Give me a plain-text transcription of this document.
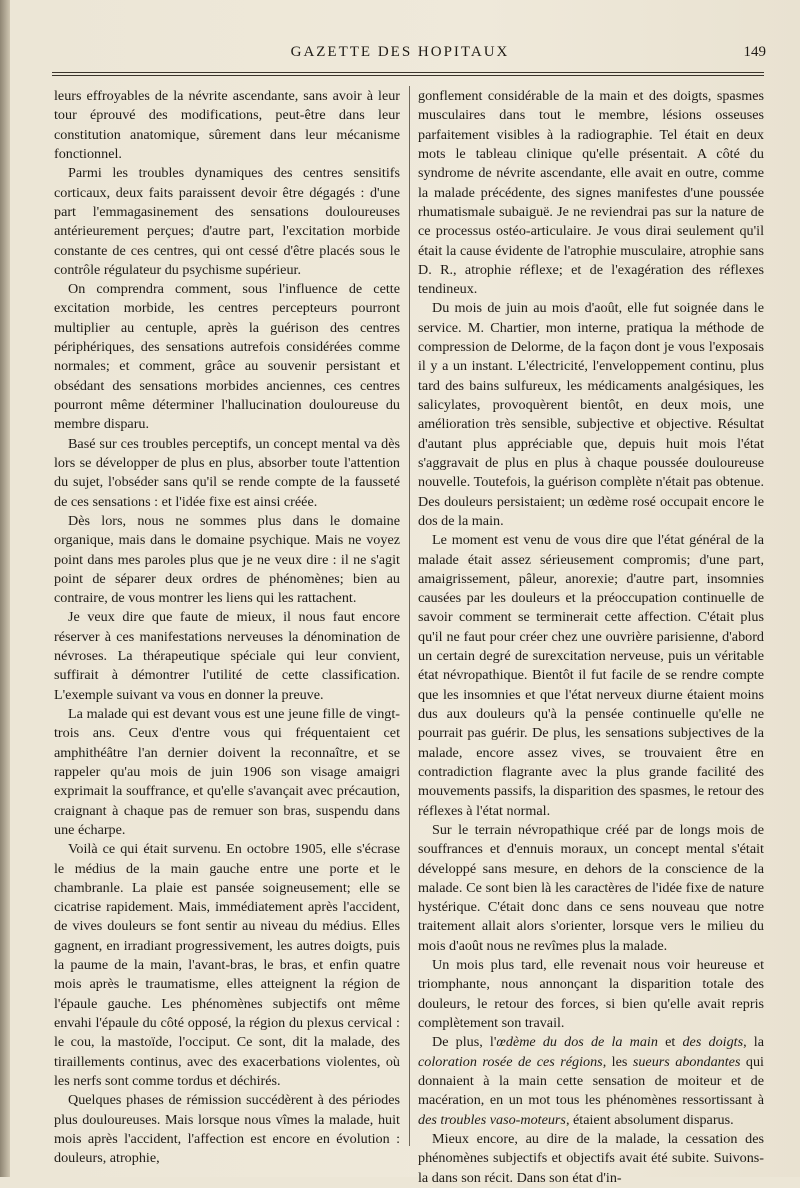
GAZETTE DES HOPITAUX	149

leurs effroyables de la névrite ascendante, sans avoir à leur tour éprouvé des modifications, peut-être dans leur constitution anatomique, sûrement dans leur mécanisme fonctionnel.

Parmi les troubles dynamiques des centres sensitifs corticaux, deux faits paraissent devoir être dégagés : d'une part l'emmagasinement des sensations douloureuses antérieurement perçues; d'autre part, l'excitation morbide constante de ces centres, qui ont cessé d'être placés sous le contrôle régulateur du psychisme supérieur.

On comprendra comment, sous l'influence de cette excitation morbide, les centres percepteurs pourront multiplier au centuple, après la guérison des centres périphériques, des sensations autrefois considérées comme normales; et comment, grâce au souvenir persistant et obsédant des sensations morbides anciennes, ces centres pourront même déterminer l'hallucination douloureuse du membre disparu.

Basé sur ces troubles perceptifs, un concept mental va dès lors se développer de plus en plus, absorber toute l'attention du sujet, l'obséder sans qu'il se rende compte de la fausseté de ces sensations : et l'idée fixe est ainsi créée.

Dès lors, nous ne sommes plus dans le domaine organique, mais dans le domaine psychique. Mais ne voyez point dans mes paroles plus que je ne veux dire : il ne s'agit point de séparer deux ordres de phénomènes; bien au contraire, de vous montrer les liens qui les rattachent.

Je veux dire que faute de mieux, il nous faut encore réserver à ces manifestations nerveuses la dénomination de névroses. La thérapeutique spéciale qui leur convient, suffirait à démontrer l'utilité de cette classification. L'exemple suivant va vous en donner la preuve.

La malade qui est devant vous est une jeune fille de vingt-trois ans. Ceux d'entre vous qui fréquentaient cet amphithéâtre l'an dernier doivent la reconnaître, et se rappeler qu'au mois de juin 1906 son visage amaigri exprimait la souffrance, et qu'elle s'avançait avec précaution, craignant à chaque pas de remuer son bras, suspendu dans une écharpe.

Voilà ce qui était survenu. En octobre 1905, elle s'écrase le médius de la main gauche entre une porte et le chambranle. La plaie est pansée soigneusement; elle se cicatrise rapidement. Mais, immédiatement après l'accident, de vives douleurs se font sentir au niveau du médius. Elles gagnent, en irradiant progressivement, les autres doigts, puis la paume de la main, l'avant-bras, le bras, et enfin quatre mois après le traumatisme, elles atteignent la région de l'épaule gauche. Les phénomènes subjectifs ont même envahi l'épaule du côté opposé, la région du plexus cervical : le cou, la mastoïde, l'occiput. Ce sont, dit la malade, des tiraillements continus, avec des exacerbations violentes, où les nerfs sont comme tordus et déchirés.

Quelques phases de rémission succédèrent à des périodes plus douloureuses. Mais lorsque nous vîmes la malade, huit mois après l'accident, l'affection est encore en évolution : douleurs, atrophie,

gonflement considérable de la main et des doigts, spasmes musculaires dans tout le membre, lésions osseuses parfaitement visibles à la radiographie. Tel était en deux mots le tableau clinique qu'elle présentait. A côté du syndrome de névrite ascendante, elle avait en outre, comme la malade précédente, des signes manifestes d'une poussée rhumatismale subaiguë. Je ne reviendrai pas sur la nature de ce processus ostéo-articulaire. Je vous dirai seulement qu'il était la cause évidente de l'atrophie musculaire, atrophie sans D. R., atrophie réflexe; et de l'exagération des réflexes tendineux.

Du mois de juin au mois d'août, elle fut soignée dans le service. M. Chartier, mon interne, pratiqua la méthode de compression de Delorme, de la façon dont je vous l'exposais il y a un instant. L'électricité, l'enveloppement continu, plus tard des bains sulfureux, les médicaments analgésiques, les salicylates, provoquèrent bientôt, en deux mois, une amélioration très sensible, subjective et objective. Résultat d'autant plus appréciable que, depuis huit mois l'état s'aggravait de plus en plus à chaque poussée douloureuse nouvelle. Toutefois, la guérison complète n'était pas obtenue. Des douleurs persistaient; un œdème rosé occupait encore le dos de la main.

Le moment est venu de vous dire que l'état général de la malade était assez sérieusement compromis; d'une part, amaigrissement, pâleur, anorexie; d'autre part, insomnies causées par les douleurs et la préoccupation continuelle de savoir comment se terminerait cette affection. C'était plus qu'il ne faut pour créer chez une ouvrière parisienne, d'abord un certain degré de surexcitation nerveuse, puis un véritable état névropathique. Bientôt il fut facile de se rendre compte que les insomnies et que l'état nerveux diurne étaient moins dus aux douleurs qu'à la pensée continuelle qu'elle ne pourrait pas guérir. De plus, les sensations subjectives de la malade, encore assez vives, se trouvaient être en contradiction flagrante avec la plus grande facilité des mouvements passifs, la disparition des spasmes, le retour des réflexes à l'état normal.

Sur le terrain névropathique créé par de longs mois de souffrances et d'ennuis moraux, un concept mental s'était développé sans mesure, en dehors de la conscience de la malade. Ce sont bien là les caractères de l'idée fixe de nature hystérique. C'était donc dans ce sens nouveau que notre traitement allait alors s'orienter, lorsque vers le milieu du mois d'août nous ne revîmes plus la malade.

Un mois plus tard, elle revenait nous voir heureuse et triomphante, nous annonçant la disparition totale des douleurs, le retour des forces, si bien qu'elle avait repris complètement son travail.

De plus, l'œdème du dos de la main et des doigts, la coloration rosée de ces régions, les sueurs abondantes qui donnaient à la main cette sensation de moiteur et de macération, en un mot tous les phénomènes ressortissant à des troubles vaso-moteurs, étaient absolument disparus.

Mieux encore, au dire de la malade, la cessation des phénomènes subjectifs et objectifs avait été subite. Suivons-la dans son récit. Dans son état d'in-
